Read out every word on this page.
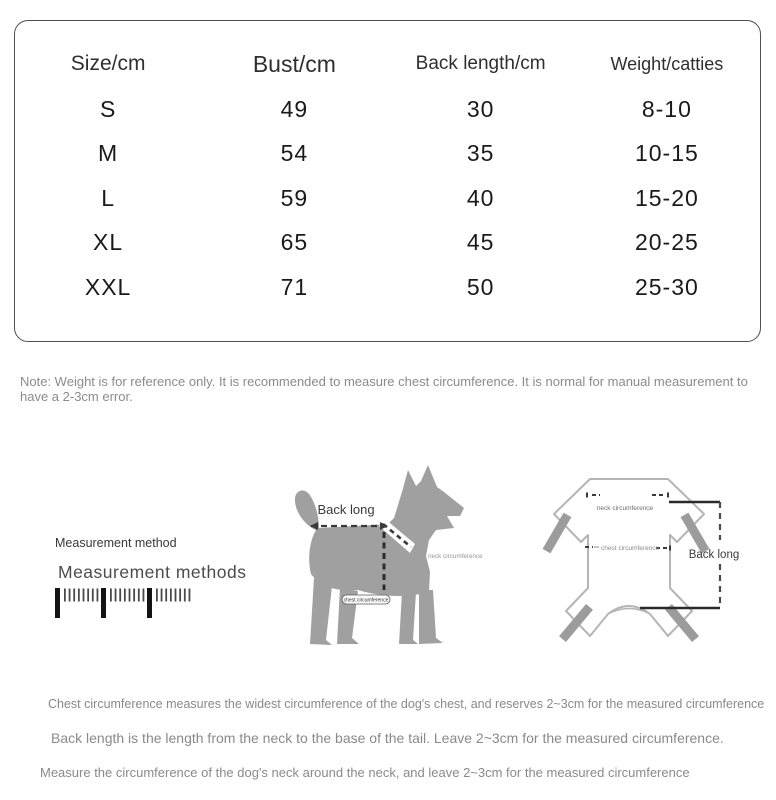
Size/cm	Bust/cm	Back length/cm	Weight/catties
S	49	30	8-10
M	54	35	10-15
L	59	40	15-20
XL	65	45	20-25
XXL	71	50	25-30
Note: Weight is for reference only. It is recommended to measure chest circumference. It is normal for manual measurement to have a 2-3cm error.
Measurement method
Measurement methods
Back long
neck circumference
chest circumference
neck circumference
chest circumference
Back long
Chest circumference measures the widest circumference of the dog's chest, and reserves 2~3cm for the measured circumference
Back length is the length from the neck to the base of the tail. Leave 2~3cm for the measured circumference.
Measure the circumference of the dog's neck around the neck, and leave 2~3cm for the measured circumference
